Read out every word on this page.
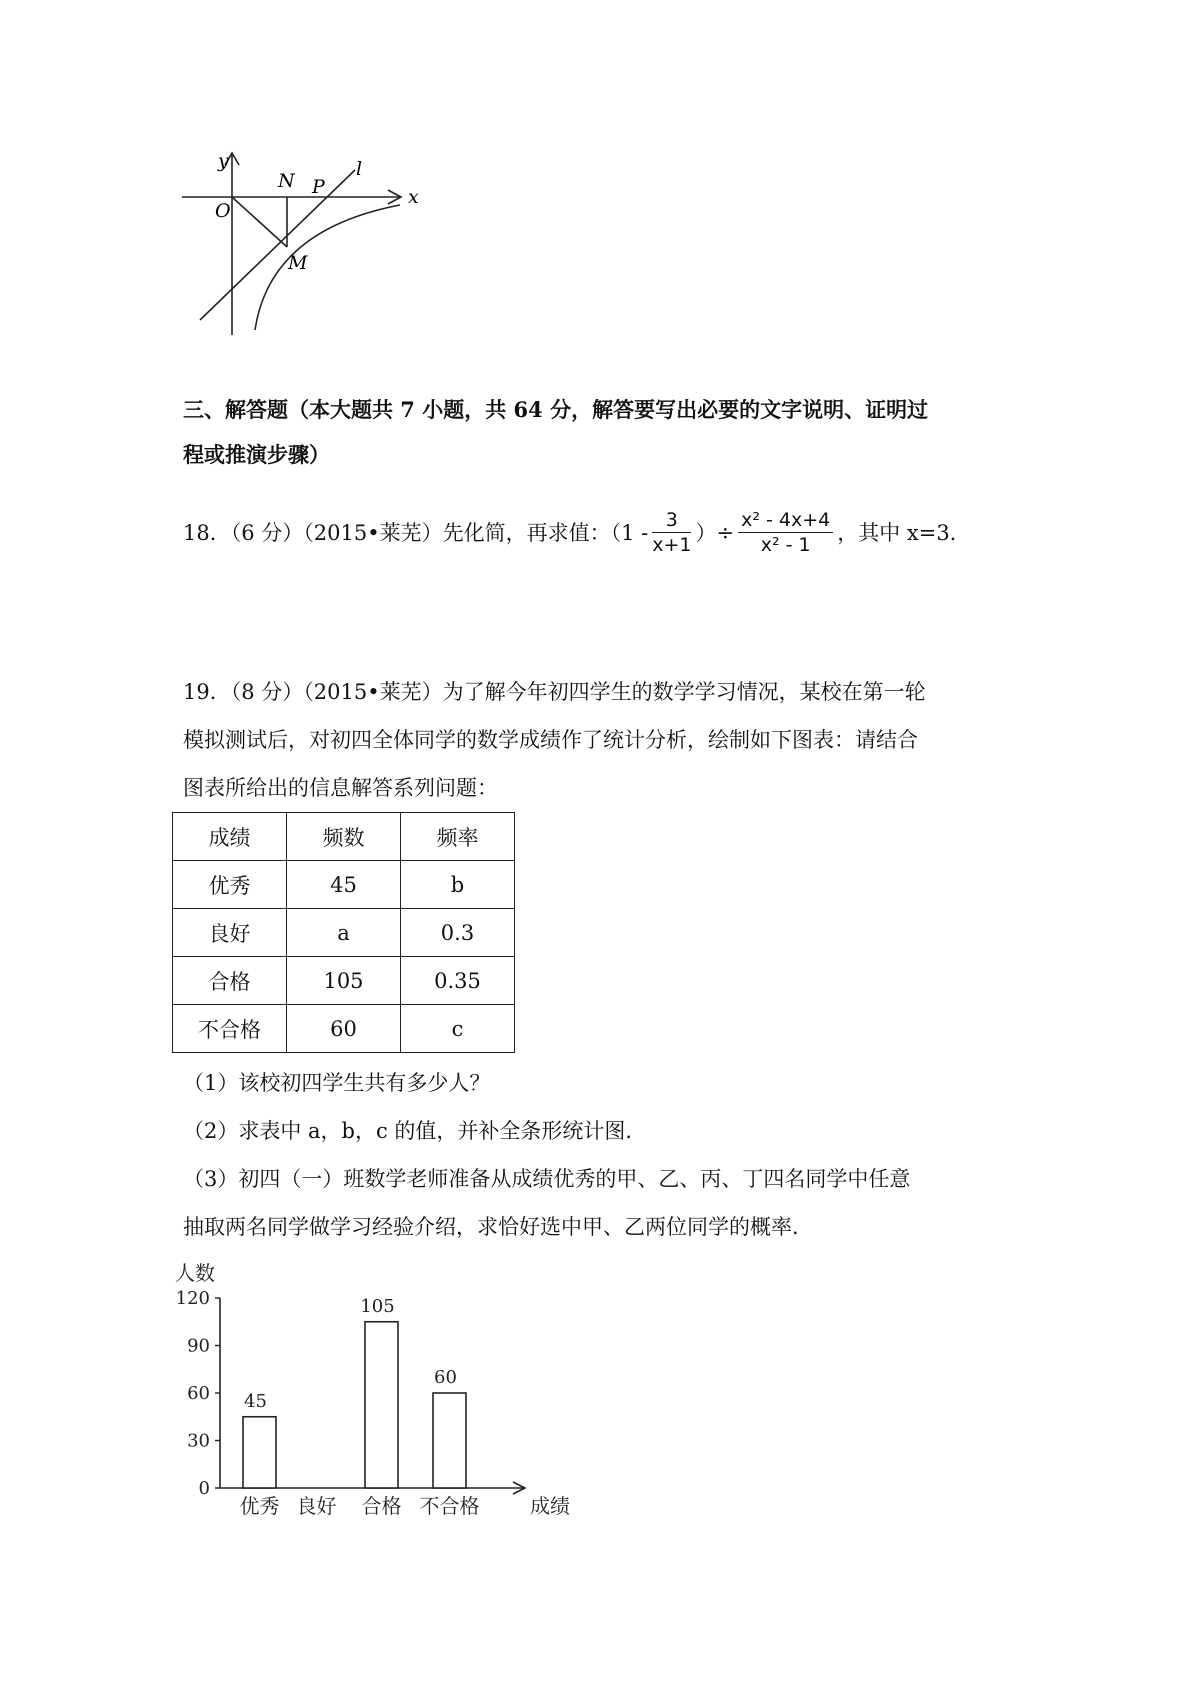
O
y
x
N P
l
M
三、解答题（本大题共 7 小题，共 64 分，解答要写出必要的文字说明、证明过
程或推演步骤）
18．（6 分）（2015•莱芜）先化简，再求值：（$1 - \frac{3}{x+1}$ ）÷ $\frac{\text{x² - 4x+4}}{\text{x² - 1}}$ ，其中 x=3．
19．（8 分）（2015•莱芜）为了解今年初四学生的数学学习情况，某校在第一轮
模拟测试后，对初四全体同学的数学成绩作了统计分析，绘制如下图表：请结合
图表所给出的信息解答系列问题：
成绩	频数	频率
优秀	45	b
良好	a	0.3
合格	105	0.35
不合格	60	c
（1）该校初四学生共有多少人？
（2）求表中 a，b，c 的值，并补全条形统计图．
（3）初四（一）班数学老师准备从成绩优秀的甲、乙、丙、丁四名同学中任意
抽取两名同学做学习经验介绍，求恰好选中甲、乙两位同学的概率．
0
30
60
90
120
人数
成绩
优秀
45
良好 合格
105
不合格
60
